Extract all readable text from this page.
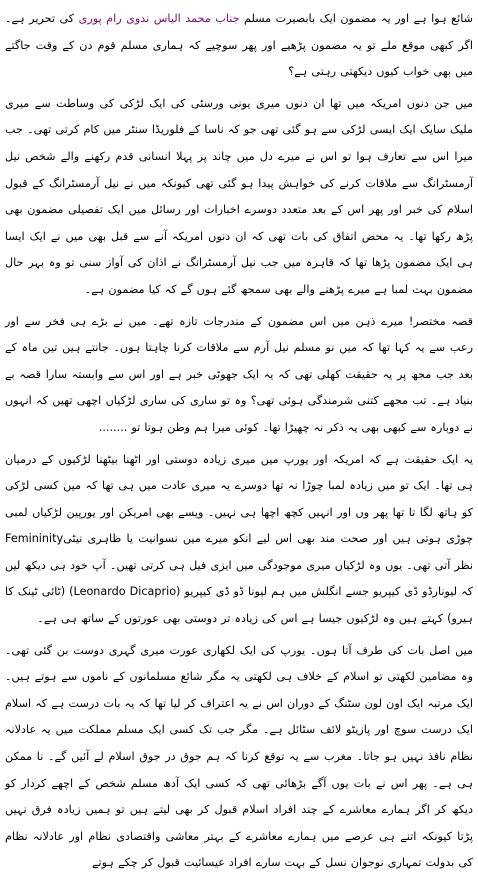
شائع ہوا ہے اور یہ مضمون ایک بابصیرت مسلم جناب محمد الیاس ندوی رام پوری کی تحریر ہے۔ اگر کبھی موقع ملے تو یہ مضمون پڑھیے اور پھر سوچیے کہ ہماری مسلم قوم دن کے وقت جاگتے میں بھی خواب کیوں دیکھتی رہتی ہے؟

میں جن دنوں امریکہ میں تھا ان دنوں میری یونی ورسٹی کی ایک لڑکی کی وساطت سے میری ملیک سایک ایک ایسی لڑکی سے ہو گئی تھی جو کہ ناسا کے فلوریڈا سنٹر میں کام کرتی تھی۔ جب میرا اس سے تعارف ہوا تو اس نے میرے دل میں چاند پر پہلا انسانی قدم رکھنے والے شخص نیل آرمسٹرانگ سے ملاقات کرنے کی خواہش پیدا ہو گئی تھی کیونکہ میں نے نیل آرمسٹرانگ کے قبول اسلام کی خبر اور پھر اس کے بعد متعدد دوسرے اخبارات اور رسائل میں ایک تفصیلی مضمون بھی پڑھ رکھا تھا۔ یہ محض اتفاق کی بات تھی کہ ان دنوں امریکہ آنے سے قبل بھی میں نے ایک ایسا ہی ایک مضمون پڑھا تھا کہ قاہرہ میں جب نیل آرمسٹرانگ نے اذان کی آواز سنی تو وہ بہر حال مضمون بہت لمبا ہے میرے پڑھنے والے بھی سمجھ گئے ہوں گے کہ کیا مضمون ہے۔

قصہ مختصر! میرے ذہن میں اس مضمون کے مندرجات تازہ تھے۔ میں نے بڑے ہی فخر سے اور رعب سے یہ کہا تھا کہ میں نو مسلم نیل آرم سے ملاقات کرنا چاہتا ہوں۔ جانتے ہیں تین ماہ کے بعد جب مجھ پر یہ حقیقت کھلی تھی کہ یہ ایک جھوٹی خبر ہے اور اس سے وابستہ سارا قصہ بے بنیاد ہے۔ تب مجھے کتنی شرمندگی ہوئی تھی؟ وہ تو ساری کی ساری لڑکیاں اچھی تھیں کہ انہوں نے دوبارہ سے کبھی بھی یہ ذکر نہ چھیڑا تھا۔ کوئی میرا ہم وطن ہوتا تو ........

یہ ایک حقیقت ہے کہ امریکہ اور یورپ میں میری زیادہ دوستی اور اٹھنا بیٹھنا لڑکیوں کے درمیان ہی تھا۔ ایک تو میں زیادہ لمبا چوڑا نہ تھا دوسرے یہ میری عادت میں ہی تھا کہ میں کسی لڑکی کو ہاتھ لگا تا تھا پھر وں اور انہیں کچھ اچھا ہی نہیں۔ ویسے بھی امریکن اور یورپین لڑکیاں لمبی چوڑی ہوتی ہیں اور صحت مند بھی اس لیے انکو میرے میں نسوانیت یا ظاہری نیٹیFemininity نظر آتی تھی۔ یوں وہ لڑکیاں میری موجودگی میں ایزی فیل ہی کرتی تھیں۔ آپ خود ہی دیکھ لیں کہ لیونارڈو ڈی کیپریو جسے انگلش میں ہم لیونا ڈو ڈی کیپریو (Leonardo Dicaprio) (ٹائی ٹینک کا ہیرو) کہتے ہیں وہ لڑکیوں جیسا ہے اس کی زیادہ تر دوستی بھی عورتوں کے ساتھ ہی ہے۔

میں اصل بات کی طرف آتا ہوں۔ یورپ کی ایک لکھاری عورت میری گہری دوست بن گئی تھی۔ وہ مضامین لکھتی تو اسلام کے خلاف ہی لکھتی یہ مگر شائع مسلمانوں کے ناموں سے ہوتے ہیں۔ ایک مرتبہ ایک اون لون سٹنگ کے دوران اس نے یہ اعتراف کر لیا تھا کہ یہ بات درست ہے کہ اسلام ایک درست سوچ اور پازیٹو لائف سٹائل ہے۔ مگر جب تک کسی ایک مسلم مملکت میں یہ عادلانہ نظام نافذ نہیں ہو جاتا۔ مغرب سے یہ توقع کرنا کہ ہم جوق در جوق اسلام لے آئیں گے۔ نا ممکن ہی ہے۔ پھر اس نے بات یوں آگے بڑھائی تھی کہ کسی ایک آدھ مسلم شخص کے اچھے کردار کو دیکھ کر اگر ہمارے معاشرے کے چند افراد اسلام قبول کر بھی لیتے ہیں تو ہمیں زیادہ فرق نہیں پڑتا کیونکہ اتنے ہی عرصے میں ہمارے معاشرے کے بہتر معاشی واقتصادی نظام اور عادلانہ نظام کی بدولت تمہاری نوجوان نسل کے بہت سارے افراد عیسائیت قبول کر چکے ہوتے
